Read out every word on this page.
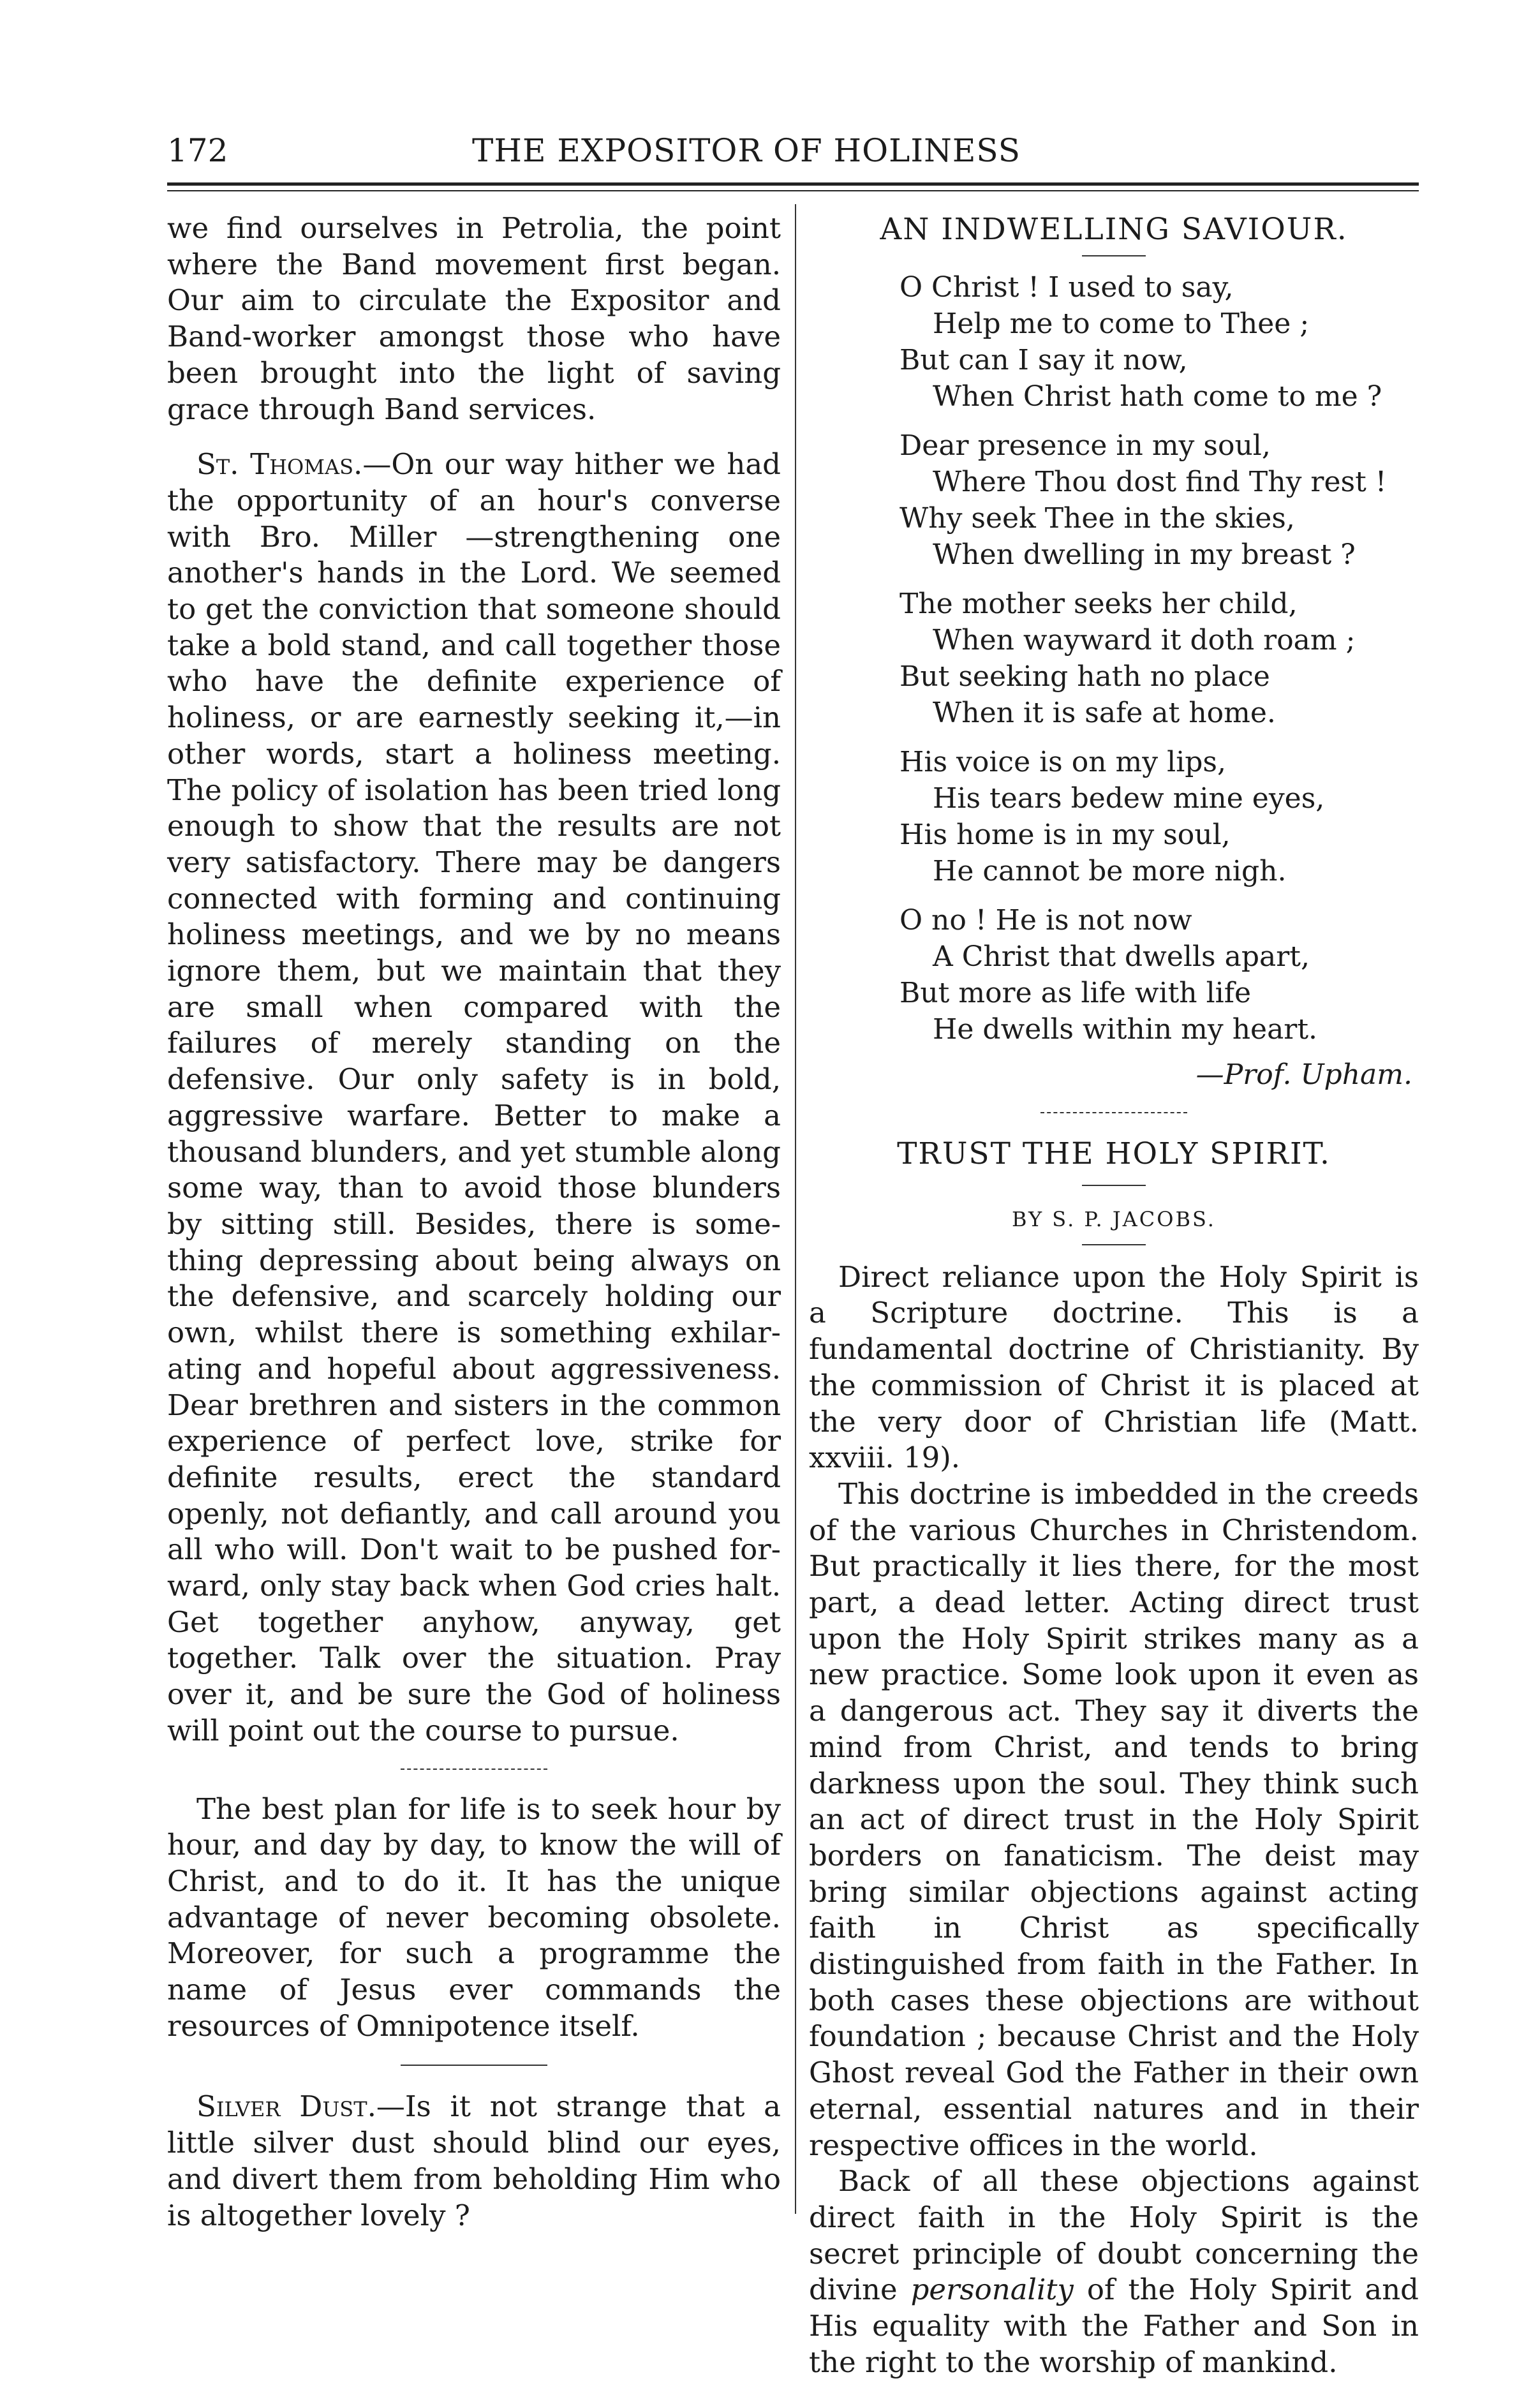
172	THE EXPOSITOR OF HOLINESS

we find ourselves in Petrolia, the point where the Band movement first began. Our aim to circulate the Expositor and Band-worker amongst those who have been brought into the light of saving grace through Band services.

St. Thomas.—On our way hither we had the opportunity of an hour's converse with Bro. Miller —strengthening one another's hands in the Lord. We seemed to get the conviction that someone should take a bold stand, and call together those who have the definite experience of holiness, or are earnestly seeking it,—in other words, start a holiness meeting. The policy of isolation has been tried long enough to show that the results are not very satisfactory. There may be dangers connected with forming and continuing holiness meetings, and we by no means ignore them, but we maintain that they are small when compared with the failures of merely standing on the defensive. Our only safety is in bold, aggressive warfare. Better to make a thousand blunders, and yet stumble along some way, than to avoid those blunders by sitting still. Besides, there is something depressing about being always on the defensive, and scarcely holding our own, whilst there is something exhilarating and hopeful about aggressiveness. Dear brethren and sisters in the common experience of perfect love, strike for definite results, erect the standard openly, not defiantly, and call around you all who will. Don't wait to be pushed forward, only stay back when God cries halt. Get together anyhow, anyway, get together. Talk over the situation. Pray over it, and be sure the God of holiness will point out the course to pursue.

The best plan for life is to seek hour by hour, and day by day, to know the will of Christ, and to do it. It has the unique advantage of never becoming obsolete. Moreover, for such a programme the name of Jesus ever commands the resources of Omnipotence itself.

Silver Dust.—Is it not strange that a little silver dust should blind our eyes, and divert them from beholding Him who is altogether lovely ?

AN INDWELLING SAVIOUR.
O Christ ! I used to say,
Help me to come to Thee ;
But can I say it now,
When Christ hath come to me ?
Dear presence in my soul,
Where Thou dost find Thy rest !
Why seek Thee in the skies,
When dwelling in my breast ?
The mother seeks her child,
When wayward it doth roam ;
But seeking hath no place
When it is safe at home.
His voice is on my lips,
His tears bedew mine eyes,
His home is in my soul,
He cannot be more nigh.
O no ! He is not now
A Christ that dwells apart,
But more as life with life
He dwells within my heart.
—Prof. Upham.
TRUST THE HOLY SPIRIT.
BY S. P. JACOBS.

Direct reliance upon the Holy Spirit is a Scripture doctrine. This is a fundamental doctrine of Christianity. By the commission of Christ it is placed at the very door of Christian life (Matt. xxviii. 19).

This doctrine is imbedded in the creeds of the various Churches in Christendom. But practically it lies there, for the most part, a dead letter. Acting direct trust upon the Holy Spirit strikes many as a new practice. Some look upon it even as a dangerous act. They say it diverts the mind from Christ, and tends to bring darkness upon the soul. They think such an act of direct trust in the Holy Spirit borders on fanaticism. The deist may bring similar objections against acting faith in Christ as specifically distinguished from faith in the Father. In both cases these objections are without foundation ; because Christ and the Holy Ghost reveal God the Father in their own eternal, essential natures and in their respective offices in the world.

Back of all these objections against direct faith in the Holy Spirit is the secret principle of doubt concerning the divine personality of the Holy Spirit and His equality with the Father and Son in the right to the worship of mankind.
